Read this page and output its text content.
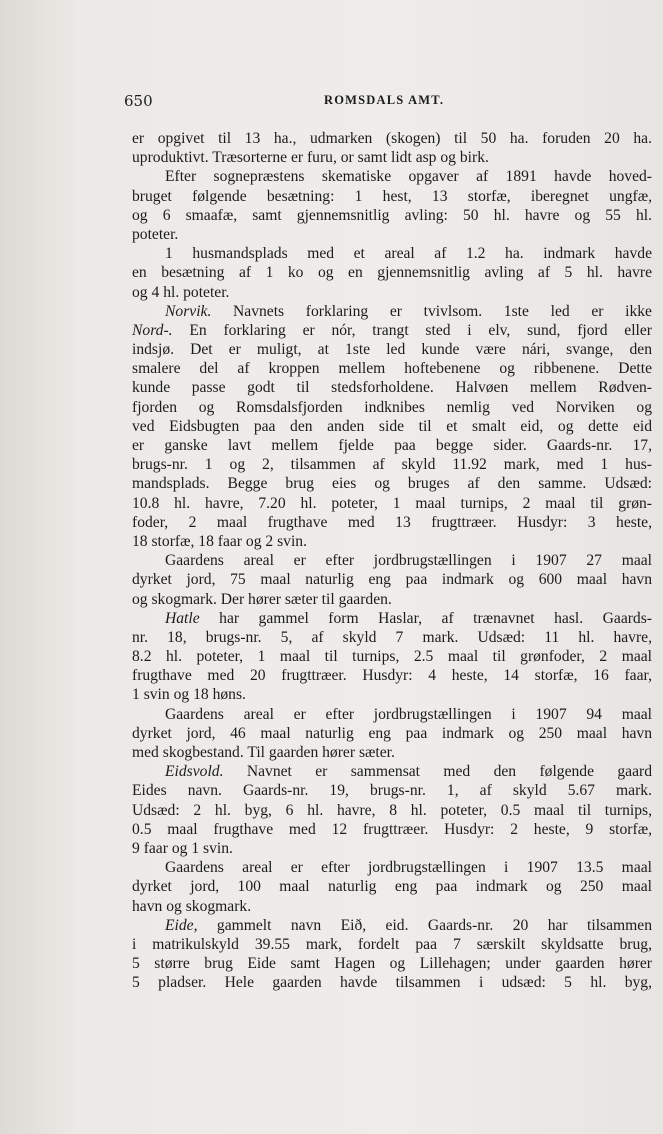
650	ROMSDALS AMT.
er opgivet til 13 ha., udmarken (skogen) til 50 ha. foruden 20 ha.
uproduktivt. Træsorterne er furu, or samt lidt asp og birk.
Efter sognepræstens skematiske opgaver af 1891 havde hoved-
bruget følgende besætning: 1 hest, 13 storfæ, iberegnet ungfæ,
og 6 smaafæ, samt gjennemsnitlig avling: 50 hl. havre og 55 hl.
poteter.
1 husmandsplads med et areal af 1.2 ha. indmark havde
en besætning af 1 ko og en gjennemsnitlig avling af 5 hl. havre
og 4 hl. poteter.
Norvik. Navnets forklaring er tvivlsom. 1ste led er ikke
Nord-. En forklaring er nór, trangt sted i elv, sund, fjord eller
indsjø. Det er muligt, at 1ste led kunde være nári, svange, den
smalere del af kroppen mellem hoftebenene og ribbenene. Dette
kunde passe godt til stedsforholdene. Halvøen mellem Rødven-
fjorden og Romsdalsfjorden indknibes nemlig ved Norviken og
ved Eidsbugten paa den anden side til et smalt eid, og dette eid
er ganske lavt mellem fjelde paa begge sider. Gaards-nr. 17,
brugs-nr. 1 og 2, tilsammen af skyld 11.92 mark, med 1 hus-
mandsplads. Begge brug eies og bruges af den samme. Udsæd:
10.8 hl. havre, 7.20 hl. poteter, 1 maal turnips, 2 maal til grøn-
foder, 2 maal frugthave med 13 frugttræer. Husdyr: 3 heste,
18 storfæ, 18 faar og 2 svin.
Gaardens areal er efter jordbrugstællingen i 1907 27 maal
dyrket jord, 75 maal naturlig eng paa indmark og 600 maal havn
og skogmark. Der hører sæter til gaarden.
Hatle har gammel form Haslar, af trænavnet hasl. Gaards-
nr. 18, brugs-nr. 5, af skyld 7 mark. Udsæd: 11 hl. havre,
8.2 hl. poteter, 1 maal til turnips, 2.5 maal til grønfoder, 2 maal
frugthave med 20 frugttræer. Husdyr: 4 heste, 14 storfæ, 16 faar,
1 svin og 18 høns.
Gaardens areal er efter jordbrugstællingen i 1907 94 maal
dyrket jord, 46 maal naturlig eng paa indmark og 250 maal havn
med skogbestand. Til gaarden hører sæter.
Eidsvold. Navnet er sammensat med den følgende gaard
Eides navn. Gaards-nr. 19, brugs-nr. 1, af skyld 5.67 mark.
Udsæd: 2 hl. byg, 6 hl. havre, 8 hl. poteter, 0.5 maal til turnips,
0.5 maal frugthave med 12 frugttræer. Husdyr: 2 heste, 9 storfæ,
9 faar og 1 svin.
Gaardens areal er efter jordbrugstællingen i 1907 13.5 maal
dyrket jord, 100 maal naturlig eng paa indmark og 250 maal
havn og skogmark.
Eide, gammelt navn Eið, eid. Gaards-nr. 20 har tilsammen
i matrikulskyld 39.55 mark, fordelt paa 7 særskilt skyldsatte brug,
5 større brug Eide samt Hagen og Lillehagen; under gaarden hører
5 pladser. Hele gaarden havde tilsammen i udsæd: 5 hl. byg,
